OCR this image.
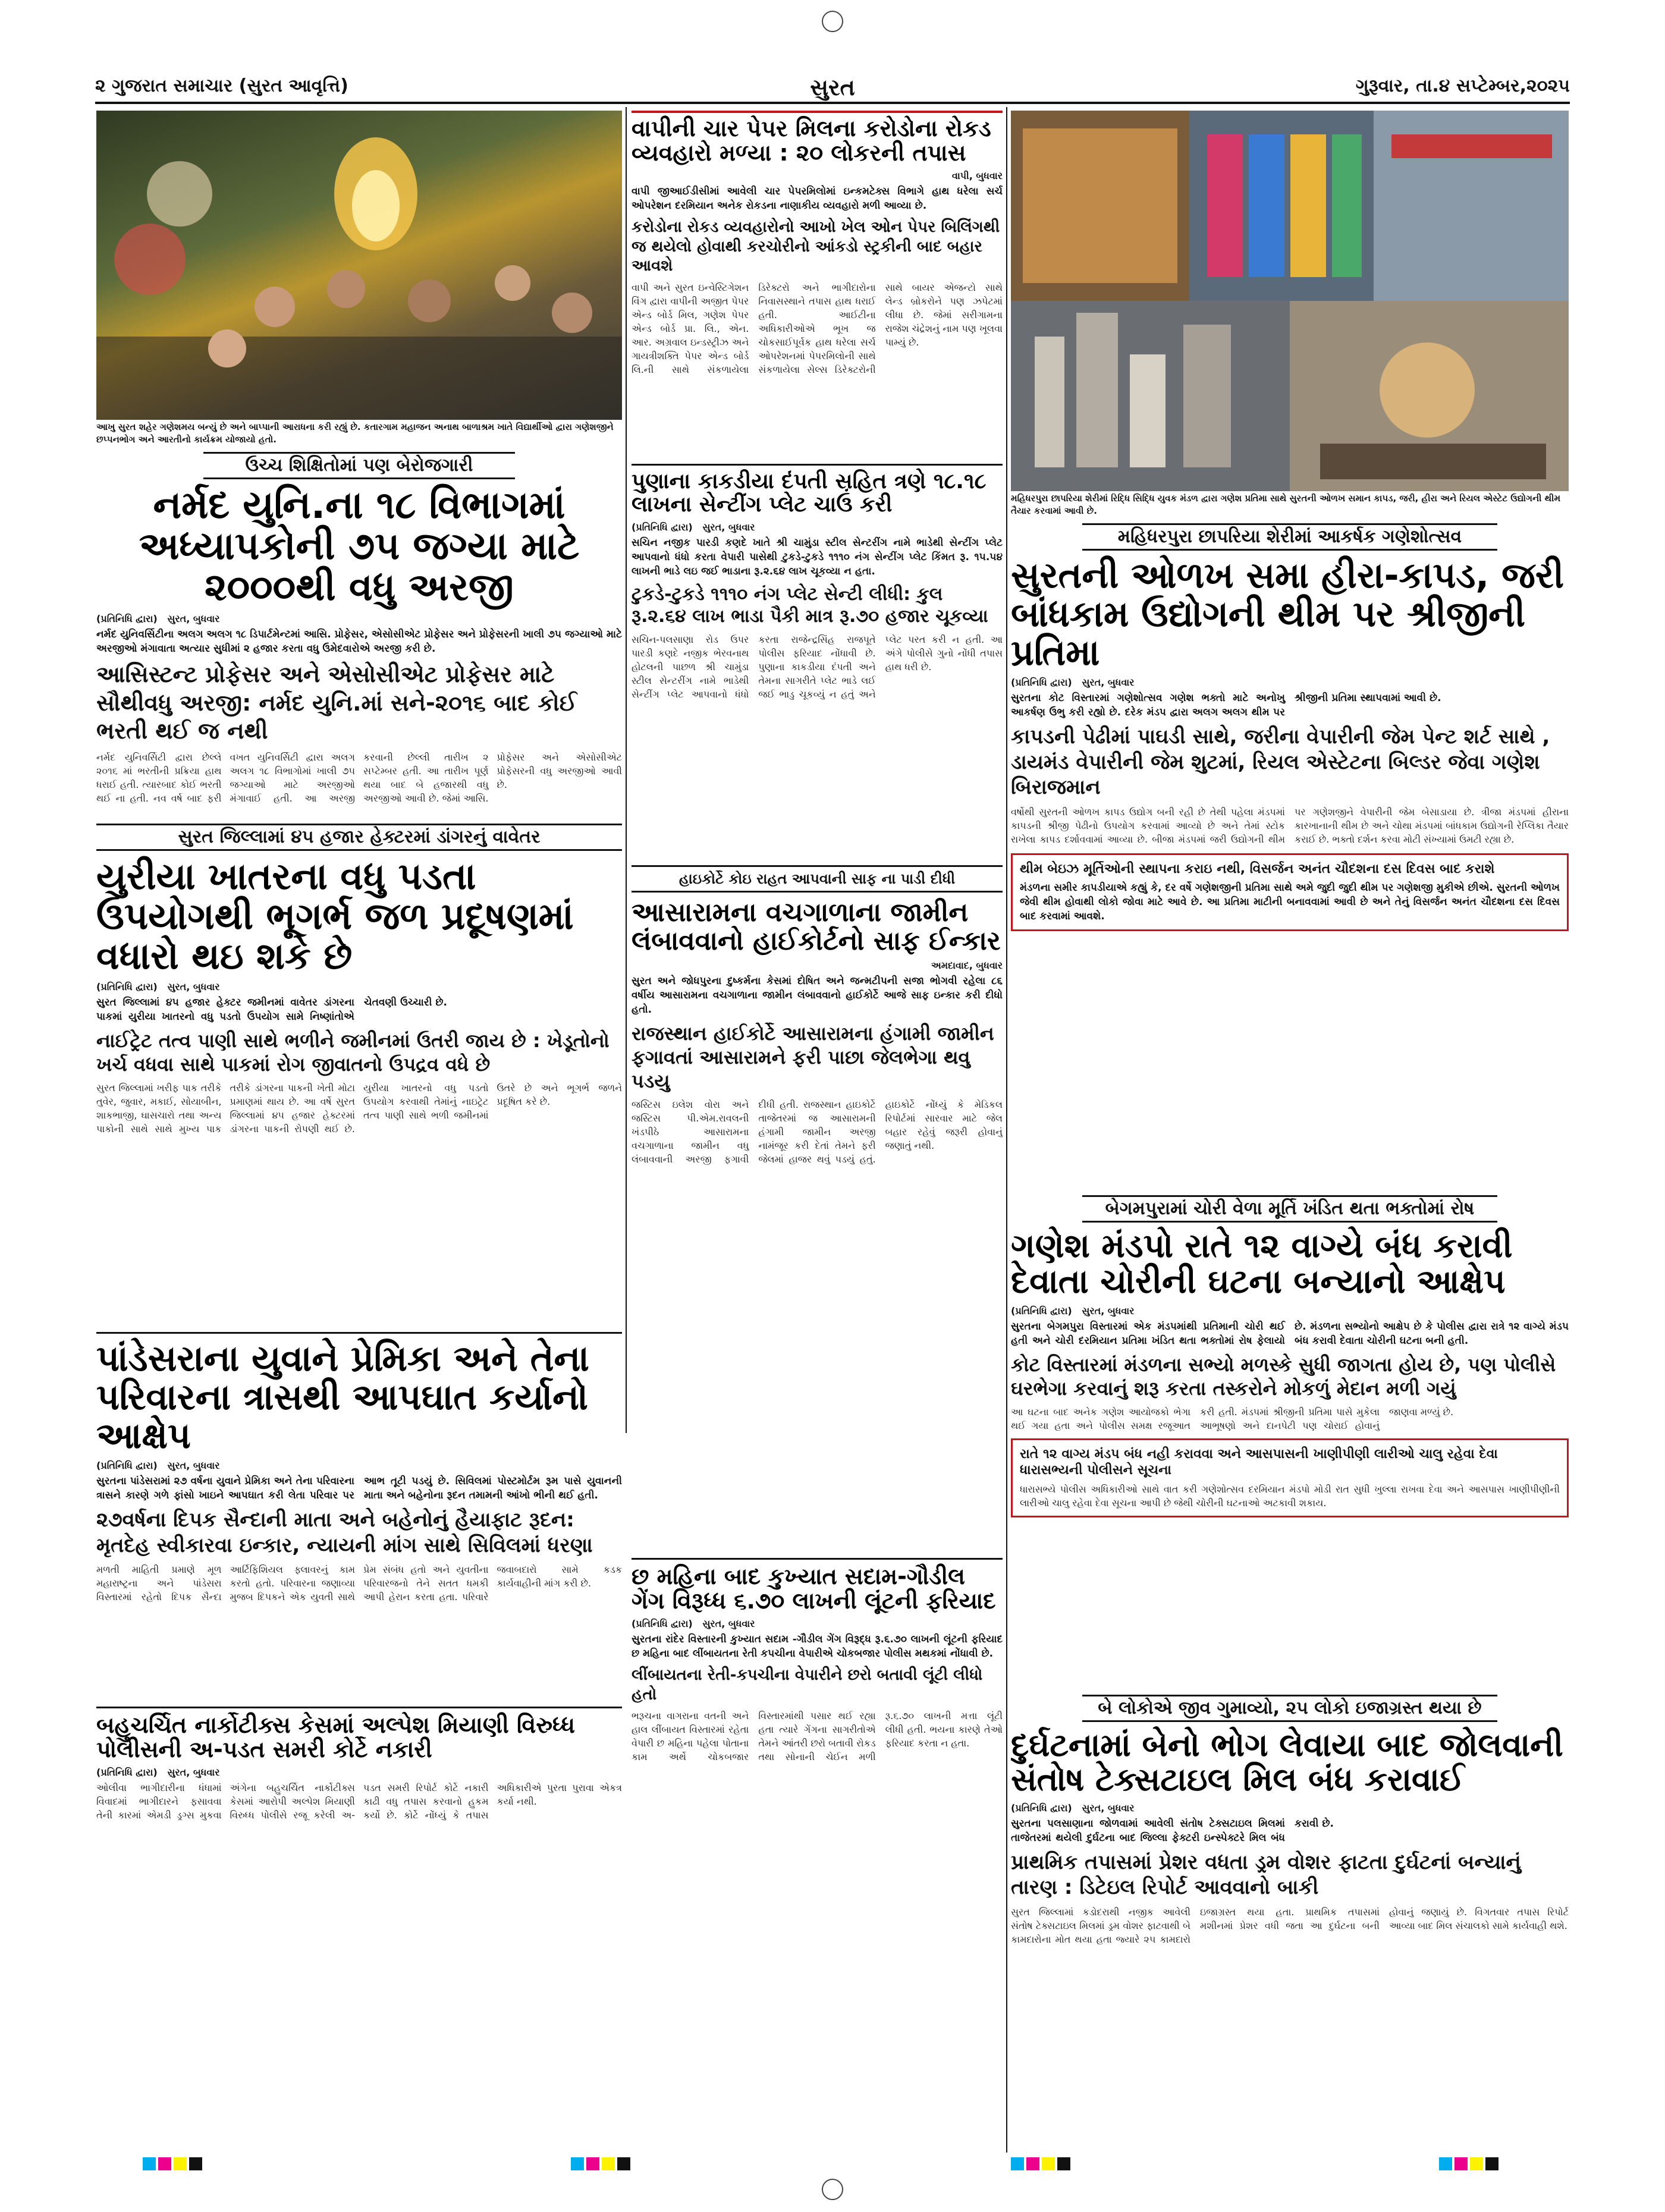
૨ ગુજરાત સમાચાર (સુરત આવૃત્તિ)	સુરત	ગુરૂવાર, તા.૪ સપ્ટેમ્બર,૨૦૨૫
આખુ સુરત શહેર ગણેશમય બન્યું છે અને બાપ્પાની આરાધના કરી રહ્યું છે. કતારગામ મહાજન અનાથ બાળાશ્રમ ખાતે વિદ્યાર્થીઓ દ્વારા ગણેશજીને છપ્પનભોગ અને આરતીનો કાર્યક્રમ યોજાયો હતો.
ઉચ્ચ શિક્ષિતોમાં પણ બેરોજગારી
નર્મદ યુનિ.ના ૧૮ વિભાગમાં અધ્યાપકોની ૭૫ જગ્યા માટે ૨૦૦૦થી વધુ અરજી
(પ્રતિનિધિ દ્વારા) સુરત, બુધવાર
નર્મદ યુનિવર્સિટીના અલગ અલગ ૧૮ ડિપાર્ટમેન્ટમાં આસિ. પ્રોફેસર, એસોસીએટ પ્રોફેસર અને પ્રોફેસરની ખાલી ૭૫ જગ્યાઓ માટે અરજીઓ મંગાવાતા અત્યાર સુધીમાં ૨ હજાર કરતા વધુ ઉમેદવારોએ અરજી કરી છે.
આસિસ્ટન્ટ પ્રોફેસર અને એસોસીએટ પ્રોફેસર માટે સૌથીવધુ અરજી: નર્મદ યુનિ.માં સને-૨૦૧૬ બાદ કોઈ ભરતી થઈ જ નથી
નર્મદ યુનિવર્સિટી દ્વારા છેલ્લે ૨૦૧૬ માં ભરતીની પ્રક્રિયા હાથ ધરાઈ હતી. ત્યારબાદ કોઈ ભરતી થઈ ના હતી. નવ વર્ષ બાદ ફરી વખત યુનિવર્સિટી દ્વારા અલગ અલગ ૧૮ વિભાગોમાં ખાલી ૭૫ જગ્યાઓ માટે અરજીઓ મંગાવાઈ હતી. આ અરજી કરવાની છેલ્લી તારીખ ૨ સપ્ટેમ્બર હતી. આ તારીખ પૂર્ણ થયા બાદ બે હજારથી વધુ અરજીઓ આવી છે. જેમાં આસિ. પ્રોફેસર અને એસોસીએટ પ્રોફેસરની વધુ અરજીઓ આવી છે.
સુરત જિલ્લામાં ૪૫ હજાર હેક્ટરમાં ડાંગરનું વાવેતર
યુરીયા ખાતરના વધુ પડતા ઉપયોગથી ભૂગર્ભ જળ પ્રદૂષણમાં વધારો થઇ શકે છે
(પ્રતિનિધિ દ્વારા) સુરત, બુધવાર
સુરત જિલ્લામાં ૪૫ હજાર હેક્ટર જમીનમાં વાવેતર ડાંગરના પાકમાં યુરીયા ખાતરનો વધુ પડતો ઉપયોગ સામે નિષ્ણાંતોએ ચેતવણી ઉચ્ચારી છે.
નાઈટ્રેટ તત્વ પાણી સાથે ભળીને જમીનમાં ઉતરી જાય છે : ખેડૂતોનો ખર્ચ વધવા સાથે પાકમાં રોગ જીવાતનો ઉપદ્રવ વધે છે
સુરત જિલ્લામાં ખરીફ પાક તરીકે તુવેર, જુવાર, મકાઈ, સોયાબીન, શાકભાજી, ઘાસચારો તથા અન્ય પાકોની સાથે સાથે મુખ્ય પાક તરીકે ડાંગરના પાકની ખેતી મોટા પ્રમાણમાં થાય છે. આ વર્ષે સુરત જિલ્લામાં ૪૫ હજાર હેક્ટરમાં ડાંગરના પાકની રોપણી થઈ છે. યુરીયા ખાતરનો વધુ પડતો ઉપયોગ કરવાથી તેમાંનું નાઇટ્રેટ તત્વ પાણી સાથે ભળી જમીનમાં ઉતરે છે અને ભૂગર્ભ જળને પ્રદૂષિત કરે છે.
પાંડેસરાના યુવાને પ્રેમિકા અને તેના પરિવારના ત્રાસથી આપઘાત કર્યાનો આક્ષેપ
(પ્રતિનિધિ દ્વારા) સુરત, બુધવાર
સુરતના પાંડેસરામાં ૨૭ વર્ષના યુવાને પ્રેમિકા અને તેના પરિવારના ત્રાસને કારણે ગળે ફાંસો ખાઇને આપઘાત કરી લેતા પરિવાર પર આભ તૂટી પડયું છે. સિવિલમાં પોસ્ટમોર્ટમ રૂમ પાસે યુવાનની માતા અને બહેનોના રૂદન તમામની આંખો ભીની થઈ હતી.
૨૭વર્ષના દિપક સૈન્દાની માતા અને બહેનોનું હૈયાફાટ રૂદન: મૃતદેહ સ્વીકારવા ઇન્કાર, ન્યાયની માંગ સાથે સિવિલમાં ધરણા
મળતી માહિતી પ્રમાણે મૂળ મહારાષ્ટ્રના અને પાંડેસરા વિસ્તારમાં રહેતો દિપક સૈન્દા આર્ટિફિશિયલ ફ્લાવરનું કામ કરતો હતો. પરિવારના જણાવ્યા મુજબ દિપકને એક યુવતી સાથે પ્રેમ સંબંધ હતો અને યુવતીના પરિવારજનો તેને સતત ધમકી આપી હેરાન કરતા હતા. પરિવારે જવાબદારો સામે કડક કાર્યવાહીની માંગ કરી છે.
બહુચર્ચિત નાર્કોટીક્સ કેસમાં અલ્પેશ મિયાણી વિરુધ્ધ પોલીસની અ-પડત સમરી કોર્ટે નકારી
(પ્રતિનિધિ દ્વારા) સુરત, બુધવાર
ઓલીવા ભાગીદારીના ધંધામાં વિવાદમાં ભાગીદારને ફસાવવા તેની કારમાં એમડી ડ્રગ્સ મુકવા અંગેના બહુચર્ચિત નાર્કોટીક્સ કેસમાં આરોપી અલ્પેશ મિયાણી વિરુધ્ધ પોલીસે રજૂ કરેલી અ-પડત સમરી રિપોર્ટ કોર્ટે નકારી કાઢી વધુ તપાસ કરવાનો હુકમ કર્યો છે. કોર્ટે નોંધ્યું કે તપાસ અધિકારીએ પુરતા પુરાવા એકત્ર કર્યા નથી.
વાપીની ચાર પેપર મિલના કરોડોના રોકડ વ્યવહારો મળ્યા : ૨૦ લોકરની તપાસ
વાપી, બુધવાર
વાપી જીઆઈડીસીમાં આવેલી ચાર પેપરમિલોમાં ઇન્કમટેક્સ વિભાગે હાથ ધરેલા સર્ચ ઓપરેશન દરમિયાન અનેક રોકડના નાણાકીય વ્યવહારો મળી આવ્યા છે.
કરોડોના રોકડ વ્યવહારોનો આખો ખેલ ઓન પેપર બિલિંગથી જ થયેલો હોવાથી કરચોરીનો આંકડો સ્ટ્રકીની બાદ બહાર આવશે
વાપી અને સુરત ઇન્વેસ્ટિગેશન વિંગ દ્વારા વાપીની અજીત પેપર એન્ડ બોર્ડ મિલ, ગણેશ પેપર એન્ડ બોર્ડ પ્રા. લિ., એન. આર. અગ્રવાલ ઇન્ડસ્ટ્રીઝ અને ગાયત્રીશક્તિ પેપર એન્ડ બોર્ડ લિ.ની સાથે સંકળાયેલા ડિરેક્ટરો અને ભાગીદારોના નિવાસસ્થાને તપાસ હાથ ધરાઈ હતી. આઈટીના અધિકારીઓએ ભૂખ જ ચોકસાઈપૂર્વક હાથ ધરેલા સર્ચ ઓપરેશનમાં પેપરમિલોની સાથે સંકળાયેલા સેલ્સ ડિરેક્ટરોની સાથે બાયર એજન્ટો સાથે લેન્ડ બ્રોકરોને પણ ઝપેટમાં લીધા છે. જેમાં સરીગામના રાજેશ ચંદ્રેશનું નામ પણ ખૂલવા પામ્યું છે.
પુણાના કાકડીયા દંપતી સહિત ત્રણે ૧૮.૧૮ લાખના સેન્ટીંગ પ્લેટ ચાઉં કરી
(પ્રતિનિધિ દ્વારા) સુરત, બુધવાર
સચિન નજીક પારડી કણદે ખાતે શ્રી ચામુંડા સ્ટીલ સેન્ટરીંગ નામે ભાડેથી સેન્ટીંગ પ્લેટ આપવાનો ધંધો કરતા વેપારી પાસેથી ટુકડે-ટુકડે ૧૧૧૦ નંગ સેન્ટીંગ પ્લેટ કિંમત રૂ. ૧૫.૫૪ લાખની ભાડે લઇ જઈ ભાડાના રૂ.૨.૬૪ લાખ ચૂકવ્યા ન હતા.
ટુકડે-ટુકડે ૧૧૧૦ નંગ પ્લેટ સેન્ટી લીધી: કુલ રૂ.૨.૬૪ લાખ ભાડા પૈકી માત્ર રૂ.૭૦ હજાર ચૂકવ્યા
સચિન-પલસાણા રોડ ઉપર પારડી કણદે નજીક ભેરવનાથ હોટલની પાછળ શ્રી ચામુંડા સ્ટીલ સેન્ટરીંગ નામે ભાડેથી સેન્ટીંગ પ્લેટ આપવાનો ધંધો કરતા રાજેન્દ્રસિંહ રાજપૂતે પોલીસ ફરિયાદ નોંધાવી છે. પુણાના કાકડીયા દંપતી અને તેમના સાગરીતે પ્લેટ ભાડે લઈ જઈ ભાડુ ચૂકવ્યું ન હતું અને પ્લેટ પરત કરી ન હતી. આ અંગે પોલીસે ગુનો નોંધી તપાસ હાથ ધરી છે.
હાઇકોર્ટે કોઇ રાહત આપવાની સાફ ના પાડી દીધી
આસારામના વચગાળાના જામીન લંબાવવાનો હાઈકોર્ટનો સાફ ઈન્કાર
અમદાવાદ, બુધવાર
સુરત અને જોધપુરના દુષ્કર્મના કેસમાં દોષિત અને જન્મટીપની સજા ભોગવી રહેલા ૮૬ વર્ષીય આસારામના વચગાળાના જામીન લંબાવવાનો હાઈકોર્ટે આજે સાફ ઇન્કાર કરી દીધો હતો.
રાજસ્થાન હાઈકોર્ટે આસારામના હંગામી જામીન ફગાવતાં આસારામને ફરી પાછા જેલભેગા થવુ પડયુ
જસ્ટિસ ઇલેશ વોરા અને જસ્ટિસ પી.એમ.રાવલની ખંડપીઠે આસારામના વચગાળાના જામીન વધુ લંબાવવાની અરજી ફગાવી દીધી હતી. રાજસ્થાન હાઇકોર્ટે તાજેતરમાં જ આસારામની હંગામી જામીન અરજી નામંજૂર કરી દેતાં તેમને ફરી જેલમાં હાજર થવું પડયું હતું. હાઇકોર્ટે નોંધ્યું કે મેડિકલ રિપોર્ટમાં સારવાર માટે જેલ બહાર રહેવું જરૂરી હોવાનું જણાતું નથી.
છ મહિના બાદ કુખ્યાત સદામ-ગૌડીલ ગેંગ વિરૂધ્ધ ૬.૭૦ લાખની લૂંટની ફરિયાદ
(પ્રતિનિધિ દ્વારા) સુરત, બુધવાર
સુરતના રાંદેર વિસ્તારની કુખ્યાત સદામ -ગૌડીલ ગેંગ વિરૂદ્ધ રૂ.૬.૭૦ લાખની લૂંટની ફરિયાદ છ મહિના બાદ લીંબાયતના રેતી કપચીના વેપારીએ ચોકબજાર પોલીસ મથકમાં નોંધાવી છે.
લીંબાયતના રેતી-કપચીના વેપારીને છરો બતાવી લૂંટી લીધો હતો
ભરૂચના વાગરાના વતની અને હાલ લીંબાયત વિસ્તારમાં રહેતા વેપારી છ મહિના પહેલા પોતાના કામ અર્થે ચોકબજાર વિસ્તારમાંથી પસાર થઈ રહ્યા હતા ત્યારે ગેંગના સાગરીતોએ તેમને આંતરી છરો બતાવી રોકડ તથા સોનાની ચેઈન મળી રૂ.૬.૭૦ લાખની મત્તા લૂંટી લીધી હતી. ભયના કારણે તેઓ ફરિયાદ કરતા ન હતા.
મહિધરપુરા છાપરિયા શેરીમાં રિદ્ધિ સિદ્ધિ યુવક મંડળ દ્વારા ગણેશ પ્રતિમા સાથે સુરતની ઓળખ સમાન કાપડ, જરી, હીરા અને રિયલ એસ્ટેટ ઉદ્યોગની થીમ તૈયાર કરવામાં આવી છે.
મહિધરપુરા છાપરિયા શેરીમાં આકર્ષક ગણેશોત્સવ
સુરતની ઓળખ સમા હીરા-કાપડ, જરી બાંધકામ ઉદ્યોગની થીમ પર શ્રીજીની પ્રતિમા
(પ્રતિનિધિ દ્વારા) સુરત, બુધવાર
સુરતના કોટ વિસ્તારમાં ગણેશોત્સવ ગણેશ ભક્તો માટે અનોખુ આકર્ષણ ઉભુ કરી રહ્યો છે. દરેક મંડપ દ્વારા અલગ અલગ થીમ પર શ્રીજીની પ્રતિમા સ્થાપવામાં આવી છે.
કાપડની પેઢીમાં પાઘડી સાથે, જરીના વેપારીની જેમ પેન્ટ શર્ટ સાથે , ડાયમંડ વેપારીની જેમ શુટમાં, રિયલ એસ્ટેટના બિલ્ડર જેવા ગણેશ બિરાજમાન
વર્ષોથી સુરતની ઓળખ કાપડ ઉદ્યોગ બની રહી છે તેથી પહેલા મંડપમાં કાપડની શ્રીજી પેઢીનો ઉપયોગ કરવામાં આવ્યો છે અને તેમાં સ્ટોક રાખેલા કાપડ દર્શાવવામાં આવ્યા છે. બીજા મંડપમાં જરી ઉદ્યોગની થીમ પર ગણેશજીને વેપારીની જેમ બેસાડાયા છે. ત્રીજા મંડપમાં હીરાના કારખાનાની થીમ છે અને ચોથા મંડપમાં બાંધકામ ઉદ્યોગની રેપ્લિકા તૈયાર કરાઈ છે. ભક્તો દર્શન કરવા મોટી સંખ્યામાં ઉમટી રહ્યા છે.
થીમ બેઇઝ મૂર્તિઓની સ્થાપના કરાઇ નથી, વિસર્જન અનંત ચૌદશના દસ દિવસ બાદ કરાશે
મંડળના સમીર કાપડીયાએ કહ્યું કે, દર વર્ષે ગણેશજીની પ્રતિમા સાથે અમે જુદી જુદી થીમ પર ગણેશજી મુકીએ છીએ. સુરતની ઓળખ જેવી થીમ હોવાથી લોકો જોવા માટે આવે છે. આ પ્રતિમા માટીની બનાવવામાં આવી છે અને તેનું વિસર્જન અનંત ચૌદશના દસ દિવસ બાદ કરવામાં આવશે.
બેગમપુરામાં ચોરી વેળા મૂર્તિ ખંડિત થતા ભક્તોમાં રોષ
ગણેશ મંડપો રાતે ૧૨ વાગ્યે બંધ કરાવી દેવાતા ચોરીની ઘટના બન્યાનો આક્ષેપ
(પ્રતિનિધિ દ્વારા) સુરત, બુધવાર
સુરતના બેગમપુરા વિસ્તારમાં એક મંડપમાંથી પ્રતિમાની ચોરી થઈ હતી અને ચોરી દરમિયાન પ્રતિમા ખંડિત થતા ભક્તોમાં રોષ ફેલાયો છે. મંડળના સભ્યોનો આક્ષેપ છે કે પોલીસ દ્વારા રાત્રે ૧૨ વાગ્યે મંડપ બંધ કરાવી દેવાતા ચોરીની ઘટના બની હતી.
કોટ વિસ્તારમાં મંડળના સભ્યો મળસ્કે સુધી જાગતા હોય છે, પણ પોલીસે ઘરભેગા કરવાનું શરૂ કરતા તસ્કરોને મોકળું મેદાન મળી ગયું
આ ઘટના બાદ અનેક ગણેશ આયોજકો ભેગા થઈ ગયા હતા અને પોલીસ સમક્ષ રજૂઆત કરી હતી. મંડપમાં શ્રીજીની પ્રતિમા પાસે મુકેલા આભૂષણો અને દાનપેટી પણ ચોરાઈ હોવાનું જાણવા મળ્યું છે.
રાતે ૧૨ વાગ્ય મંડપ બંધ નહી કરાવવા અને આસપાસની ખાણીપીણી લારીઓ ચાલુ રહેવા દેવા ધારાસભ્યની પોલીસને સૂચના
ધારાસભ્યે પોલીસ અધિકારીઓ સાથે વાત કરી ગણેશોત્સવ દરમિયાન મંડપો મોડી રાત સુધી ખુલ્લા રાખવા દેવા અને આસપાસ ખાણીપીણીની લારીઓ ચાલુ રહેવા દેવા સૂચના આપી છે જેથી ચોરીની ઘટનાઓ અટકાવી શકાય.
બે લોકોએ જીવ ગુમાવ્યો, ૨૫ લોકો ઇજાગ્રસ્ત થયા છે
દુર્ઘટનામાં બેનો ભોગ લેવાયા બાદ જોલવાની સંતોષ ટેક્સટાઇલ મિલ બંધ કરાવાઈ
(પ્રતિનિધિ દ્વારા) સુરત, બુધવાર
સુરતના પલસાણાના જોળવામાં આવેલી સંતોષ ટેક્સટાઇલ મિલમાં તાજેતરમાં થયેલી દુર્ઘટના બાદ જિલ્લા ફેક્ટરી ઇન્સ્પેક્ટરે મિલ બંધ કરાવી છે.
પ્રાથમિક તપાસમાં પ્રેશર વધતા ડ્રમ વોશર ફાટતા દુર્ઘટનાં બન્યાનું તારણ : ડિટેઇલ રિપોર્ટ આવવાનો બાકી
સુરત જિલ્લામાં કડોદરાથી નજીક આવેલી સંતોષ ટેક્સટાઇલ મિલમાં ડ્રમ વોશર ફાટવાથી બે કામદારોના મોત થયા હતા જ્યારે ૨૫ કામદારો ઇજાગ્રસ્ત થયા હતા. પ્રાથમિક તપાસમાં મશીનમાં પ્રેશર વધી જતા આ દુર્ઘટના બની હોવાનું જણાયું છે. વિગતવાર તપાસ રિપોર્ટ આવ્યા બાદ મિલ સંચાલકો સામે કાર્યવાહી થશે.
